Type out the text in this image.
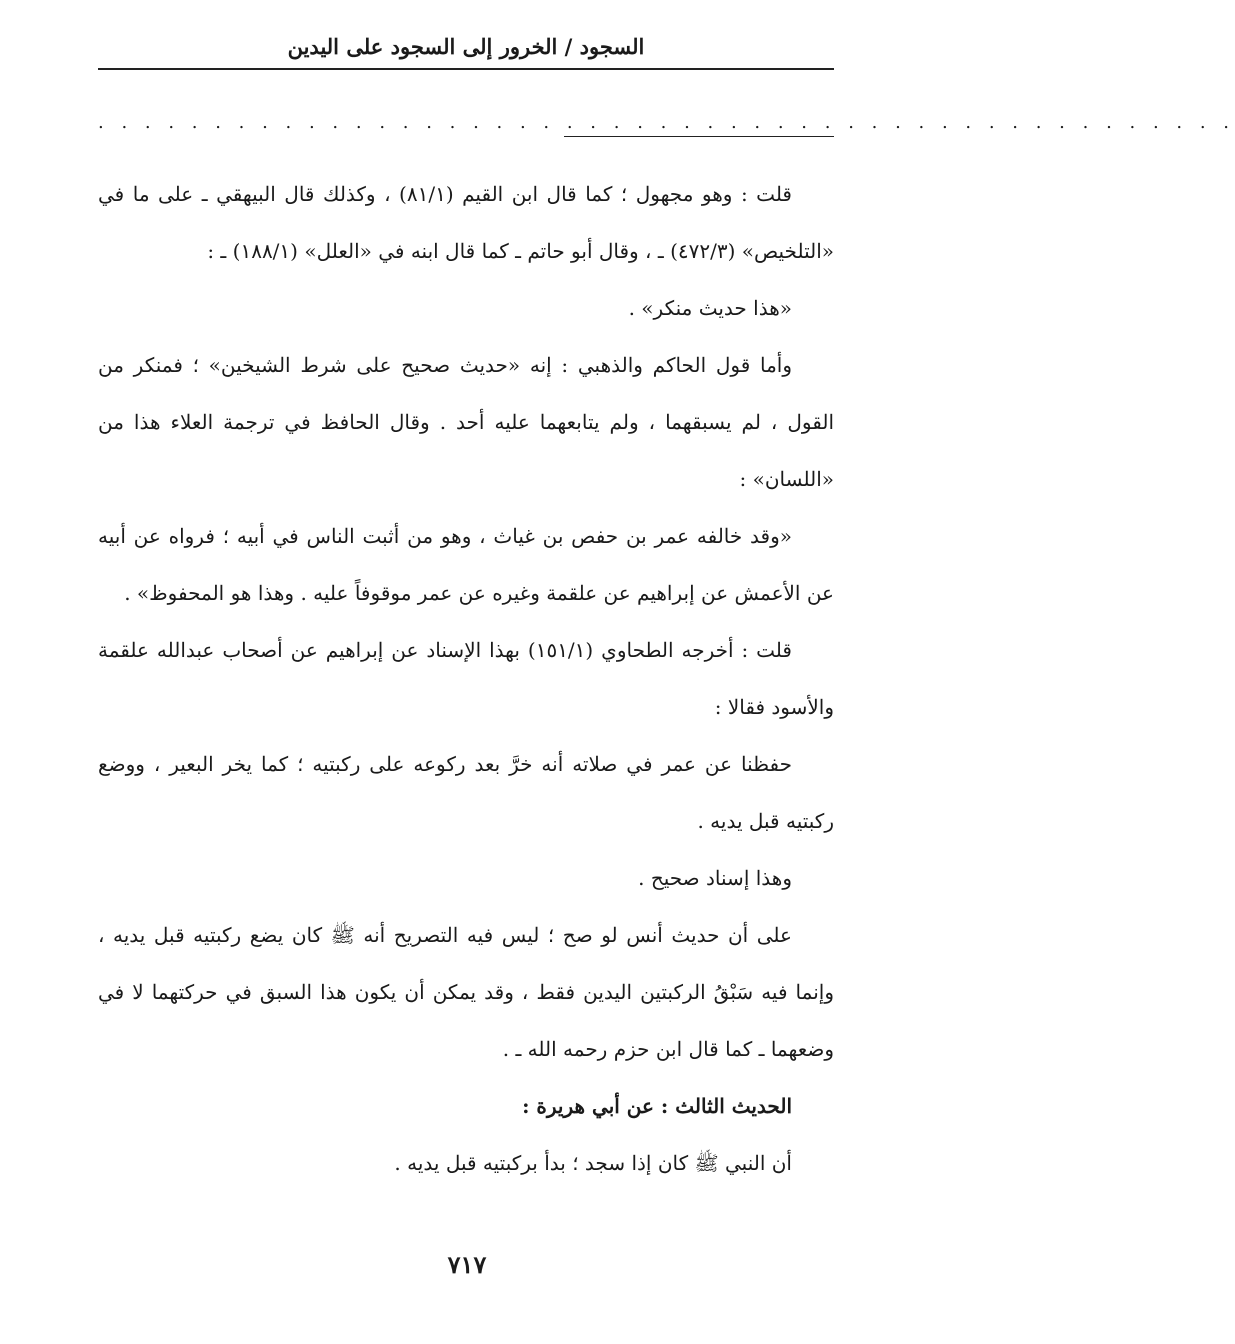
السجود / الخرور إلى السجود على اليدين
. . . . . . . . . . . . . . . . . . . . . . . . . . . . . . . . . . . . . . . . . . . . . . . . .

قلت : وهو مجهول ؛ كما قال ابن القيم (٨١/١) ، وكذلك قال البيهقي ـ على ما في «التلخيص» (٤٧٢/٣) ـ ، وقال أبو حاتم ـ كما قال ابنه في «العلل» (١٨٨/١) ـ :

«هذا حديث منكر» .

وأما قول الحاكم والذهبي : إنه «حديث صحيح على شرط الشيخين» ؛ فمنكر من القول ، لم يسبقهما ، ولم يتابعهما عليه أحد . وقال الحافظ في ترجمة العلاء هذا من «اللسان» :

«وقد خالفه عمر بن حفص بن غياث ، وهو من أثبت الناس في أبيه ؛ فرواه عن أبيه عن الأعمش عن إبراهيم عن علقمة وغيره عن عمر موقوفاً عليه . وهذا هو المحفوظ» .

قلت : أخرجه الطحاوي (١٥١/١) بهذا الإسناد عن إبراهيم عن أصحاب عبدالله علقمة والأسود فقالا :

حفظنا عن عمر في صلاته أنه خرَّ بعد ركوعه على ركبتيه ؛ كما يخر البعير ، ووضع ركبتيه قبل يديه .

وهذا إسناد صحيح .

على أن حديث أنس لو صح ؛ ليس فيه التصريح أنه ﷺ كان يضع ركبتيه قبل يديه ، وإنما فيه سَبْقُ الركبتين اليدين فقط ، وقد يمكن أن يكون هذا السبق في حركتهما لا في وضعهما ـ كما قال ابن حزم رحمه الله ـ .

الحديث الثالث : عن أبي هريرة :

أن النبي ﷺ كان إذا سجد ؛ بدأ بركبتيه قبل يديه .

٧١٧
